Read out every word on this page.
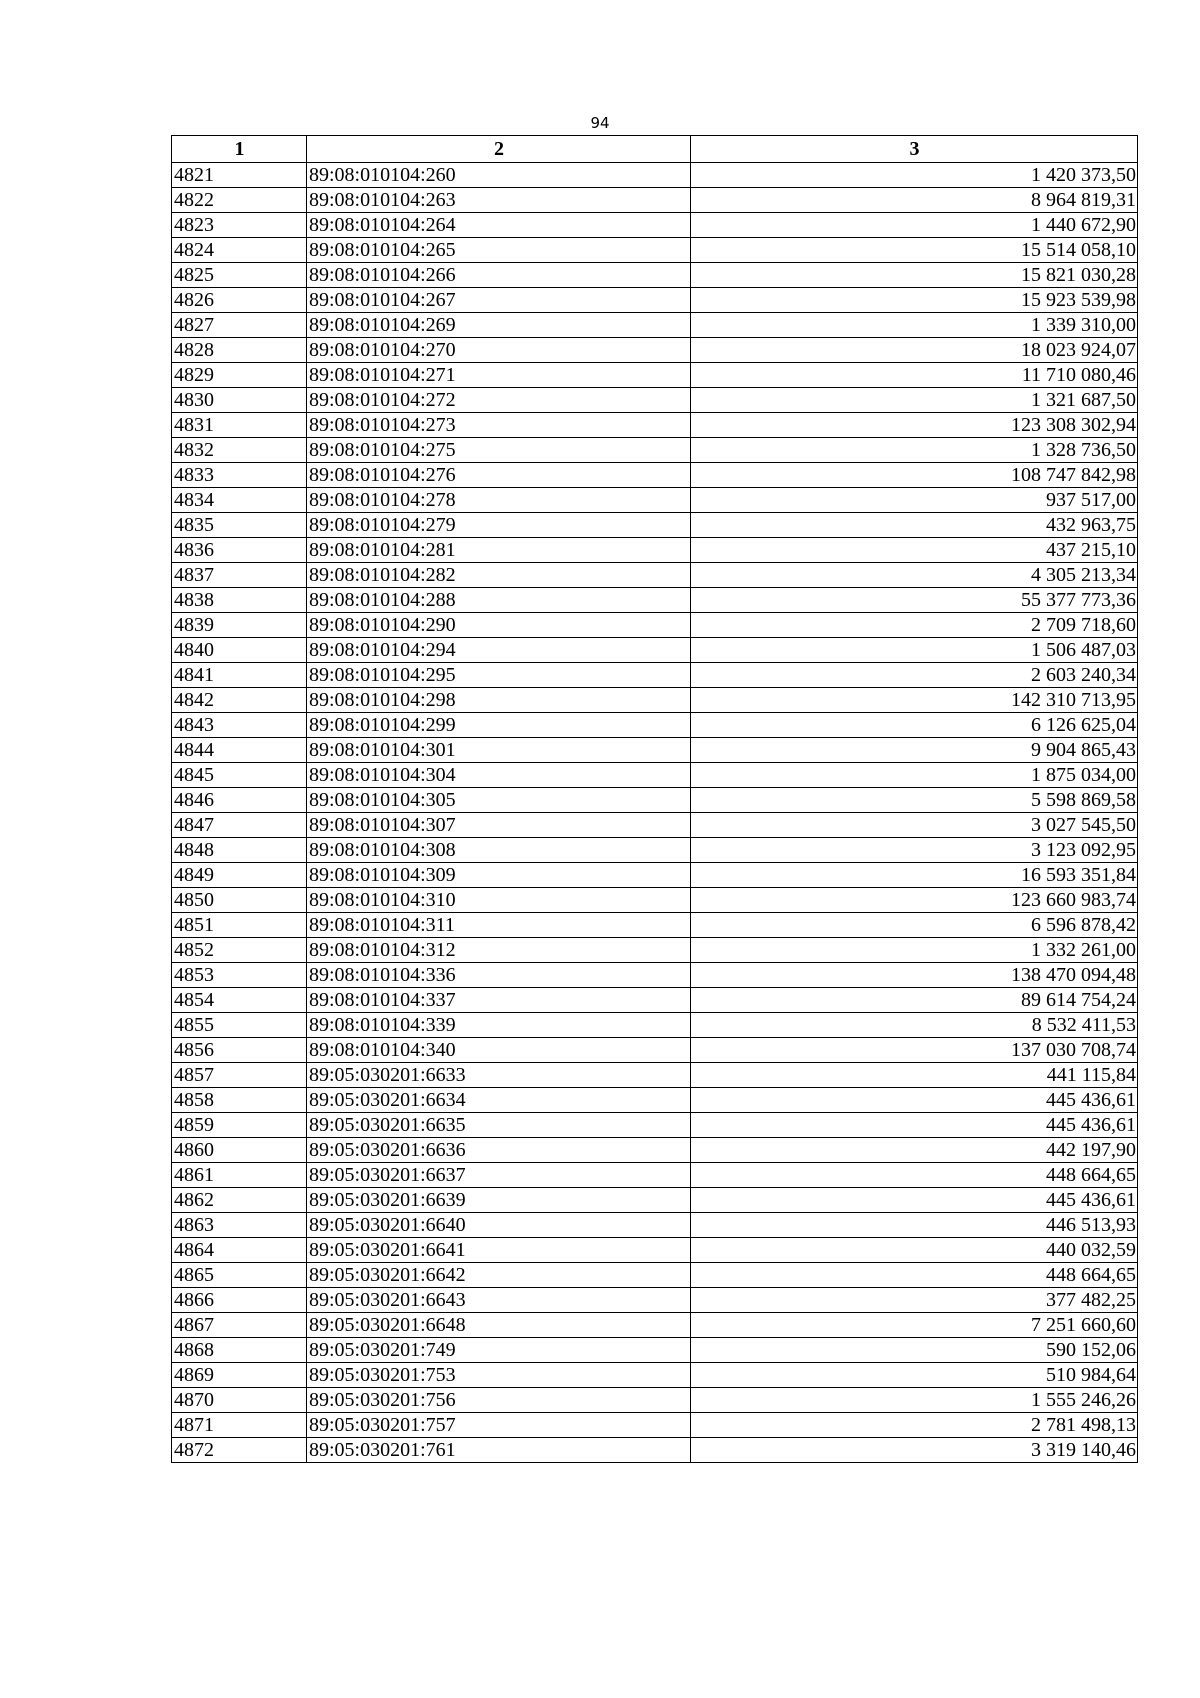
94
1	2	3
4821	89:08:010104:260	1 420 373,50
4822	89:08:010104:263	8 964 819,31
4823	89:08:010104:264	1 440 672,90
4824	89:08:010104:265	15 514 058,10
4825	89:08:010104:266	15 821 030,28
4826	89:08:010104:267	15 923 539,98
4827	89:08:010104:269	1 339 310,00
4828	89:08:010104:270	18 023 924,07
4829	89:08:010104:271	11 710 080,46
4830	89:08:010104:272	1 321 687,50
4831	89:08:010104:273	123 308 302,94
4832	89:08:010104:275	1 328 736,50
4833	89:08:010104:276	108 747 842,98
4834	89:08:010104:278	937 517,00
4835	89:08:010104:279	432 963,75
4836	89:08:010104:281	437 215,10
4837	89:08:010104:282	4 305 213,34
4838	89:08:010104:288	55 377 773,36
4839	89:08:010104:290	2 709 718,60
4840	89:08:010104:294	1 506 487,03
4841	89:08:010104:295	2 603 240,34
4842	89:08:010104:298	142 310 713,95
4843	89:08:010104:299	6 126 625,04
4844	89:08:010104:301	9 904 865,43
4845	89:08:010104:304	1 875 034,00
4846	89:08:010104:305	5 598 869,58
4847	89:08:010104:307	3 027 545,50
4848	89:08:010104:308	3 123 092,95
4849	89:08:010104:309	16 593 351,84
4850	89:08:010104:310	123 660 983,74
4851	89:08:010104:311	6 596 878,42
4852	89:08:010104:312	1 332 261,00
4853	89:08:010104:336	138 470 094,48
4854	89:08:010104:337	89 614 754,24
4855	89:08:010104:339	8 532 411,53
4856	89:08:010104:340	137 030 708,74
4857	89:05:030201:6633	441 115,84
4858	89:05:030201:6634	445 436,61
4859	89:05:030201:6635	445 436,61
4860	89:05:030201:6636	442 197,90
4861	89:05:030201:6637	448 664,65
4862	89:05:030201:6639	445 436,61
4863	89:05:030201:6640	446 513,93
4864	89:05:030201:6641	440 032,59
4865	89:05:030201:6642	448 664,65
4866	89:05:030201:6643	377 482,25
4867	89:05:030201:6648	7 251 660,60
4868	89:05:030201:749	590 152,06
4869	89:05:030201:753	510 984,64
4870	89:05:030201:756	1 555 246,26
4871	89:05:030201:757	2 781 498,13
4872	89:05:030201:761	3 319 140,46
